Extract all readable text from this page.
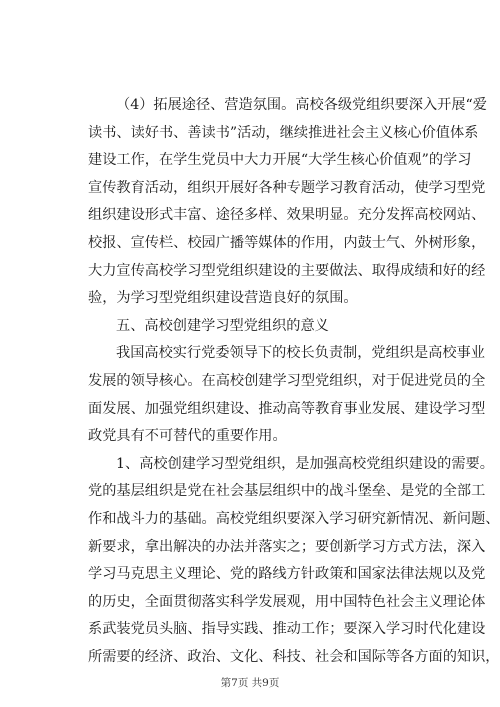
（4）拓展途径、营造氛围。高校各级党组织要深入开展“爱
读书、读好书、善读书”活动，继续推进社会主义核心价值体系
建设工作，在学生党员中大力开展“大学生核心价值观”的学习
宣传教育活动，组织开展好各种专题学习教育活动，使学习型党
组织建设形式丰富、途径多样、效果明显。充分发挥高校网站、
校报、宣传栏、校园广播等媒体的作用，内鼓士气、外树形象，
大力宣传高校学习型党组织建设的主要做法、取得成绩和好的经
验，为学习型党组织建设营造良好的氛围。
五、高校创建学习型党组织的意义
我国高校实行党委领导下的校长负责制，党组织是高校事业
发展的领导核心。在高校创建学习型党组织，对于促进党员的全
面发展、加强党组织建设、推动高等教育事业发展、建设学习型
政党具有不可替代的重要作用。
1、高校创建学习型党组织，是加强高校党组织建设的需要。
党的基层组织是党在社会基层组织中的战斗堡垒、是党的全部工
作和战斗力的基础。高校党组织要深入学习研究新情况、新问题、
新要求，拿出解决的办法并落实之；要创新学习方式方法，深入
学习马克思主义理论、党的路线方针政策和国家法律法规以及党
的历史，全面贯彻落实科学发展观，用中国特色社会主义理论体
系武装党员头脑、指导实践、推动工作；要深入学习时代化建设
所需要的经济、政治、文化、科技、社会和国际等各方面的知识，
第7页 共9页
